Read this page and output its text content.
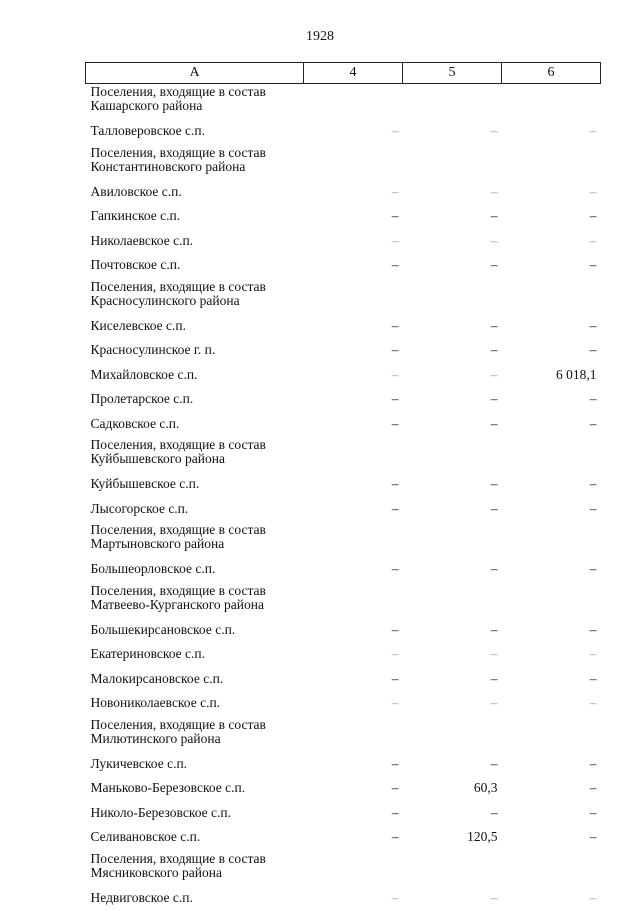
1928
А	4	5	6
Поселения, входящие в состав Кашарского района			
Талловеровское с.п.	–	–	–
Поселения, входящие в состав Константиновского района			
Авиловское с.п.	–	–	–
Гапкинское с.п.	–	–	–
Николаевское с.п.	–	–	–
Почтовское с.п.	–	–	–
Поселения, входящие в состав Красносулинского района			
Киселевское с.п.	–	–	–
Красносулинское г. п.	–	–	–
Михайловское с.п.	–	–	6 018,1
Пролетарское с.п.	–	–	–
Садковское с.п.	–	–	–
Поселения, входящие в состав Куйбышевского района			
Куйбышевское с.п.	–	–	–
Лысогорское с.п.	–	–	–
Поселения, входящие в состав Мартыновского района			
Большеорловское с.п.	–	–	–
Поселения, входящие в состав Матвеево-Курганского района			
Большекирсановское с.п.	–	–	–
Екатериновское с.п.	–	–	–
Малокирсановское с.п.	–	–	–
Новониколаевское с.п.	–	–	–
Поселения, входящие в состав Милютинского района			
Лукичевское с.п.	–	–	–
Маньково-Березовское с.п.	–	60,3	–
Николо-Березовское с.п.	–	–	–
Селивановское с.п.	–	120,5	–
Поселения, входящие в состав Мясниковского района			
Недвиговское с.п.	–	–	–
